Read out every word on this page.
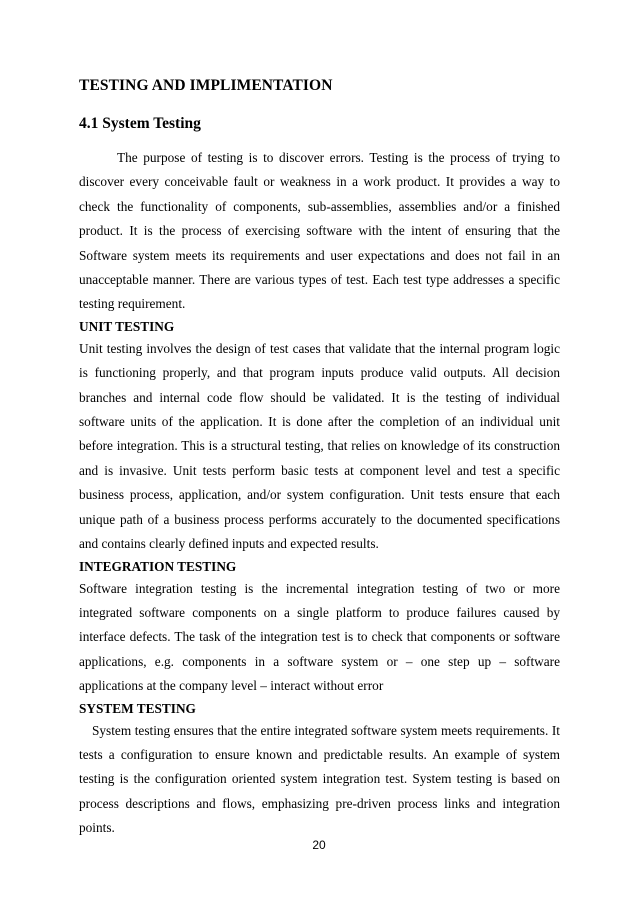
TESTING AND IMPLIMENTATION
4.1 System Testing

The purpose of testing is to discover errors. Testing is the process of trying to discover every conceivable fault or weakness in a work product. It provides a way to check the functionality of components, sub-assemblies, assemblies and/or a finished product. It is the process of exercising software with the intent of ensuring that the Software system meets its requirements and user expectations and does not fail in an unacceptable manner. There are various types of test. Each test type addresses a specific testing requirement.

UNIT TESTING

Unit testing involves the design of test cases that validate that the internal program logic is functioning properly, and that program inputs produce valid outputs. All decision branches and internal code flow should be validated. It is the testing of individual software units of the application. It is done after the completion of an individual unit before integration. This is a structural testing, that relies on knowledge of its construction and is invasive. Unit tests perform basic tests at component level and test a specific business process, application, and/or system configuration. Unit tests ensure that each unique path of a business process performs accurately to the documented specifications and contains clearly defined inputs and expected results.

INTEGRATION TESTING

Software integration testing is the incremental integration testing of two or more integrated software components on a single platform to produce failures caused by interface defects. The task of the integration test is to check that components or software applications, e.g. components in a software system or – one step up – software applications at the company level – interact without error

SYSTEM TESTING

System testing ensures that the entire integrated software system meets requirements. It tests a configuration to ensure known and predictable results. An example of system testing is the configuration oriented system integration test. System testing is based on process descriptions and flows, emphasizing pre-driven process links and integration points.

20
